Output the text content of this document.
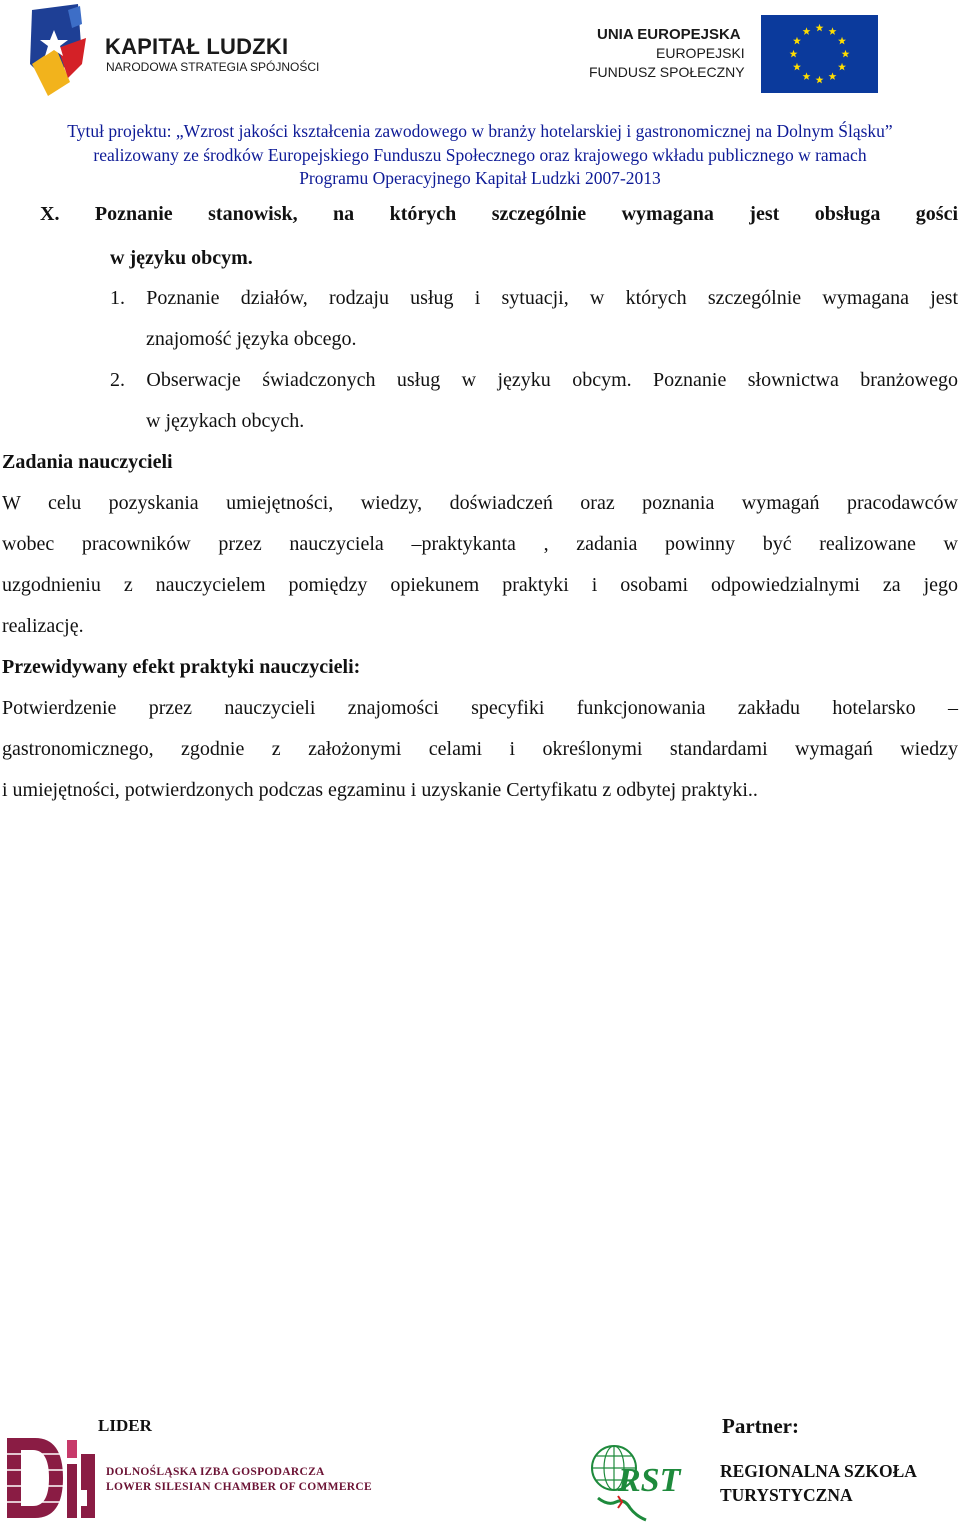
KAPITAŁ LUDZKI
NARODOWA STRATEGIA SPÓJNOŚCI
UNIA EUROPEJSKA
EUROPEJSKI
FUNDUSZ SPOŁECZNY
Tytuł projektu: „Wzrost jakości kształcenia zawodowego w branży hotelarskiej i gastronomicznej na Dolnym Śląsku”
realizowany ze środków Europejskiego Funduszu Społecznego oraz krajowego wkładu publicznego w ramach
Programu Operacyjnego Kapitał Ludzki 2007-2013
X. Poznanie stanowisk, na których szczególnie wymagana jest obsługa gości
w języku obcym.
1. Poznanie działów, rodzaju usług i sytuacji, w których szczególnie wymagana jest
znajomość języka obcego.
2. Obserwacje świadczonych usług w języku obcym. Poznanie słownictwa branżowego
w językach obcych.
Zadania nauczycieli
W celu pozyskania umiejętności, wiedzy, doświadczeń oraz poznania wymagań pracodawców
wobec pracowników przez nauczyciela –praktykanta , zadania powinny być realizowane w
uzgodnieniu z nauczycielem pomiędzy opiekunem praktyki i osobami odpowiedzialnymi za jego
realizację.
Przewidywany efekt praktyki nauczycieli:
Potwierdzenie przez nauczycieli znajomości specyfiki funkcjonowania zakładu hotelarsko –
gastronomicznego, zgodnie z założonymi celami i określonymi standardami wymagań wiedzy
i umiejętności, potwierdzonych podczas egzaminu i uzyskanie Certyfikatu z odbytej praktyki..
LIDER	Partner:
DOLNOŚLĄSKA IZBA GOSPODARCZA
LOWER SILESIAN CHAMBER OF COMMERCE	RST REGIONALNA SZKOŁA
TURYSTYCZNA
